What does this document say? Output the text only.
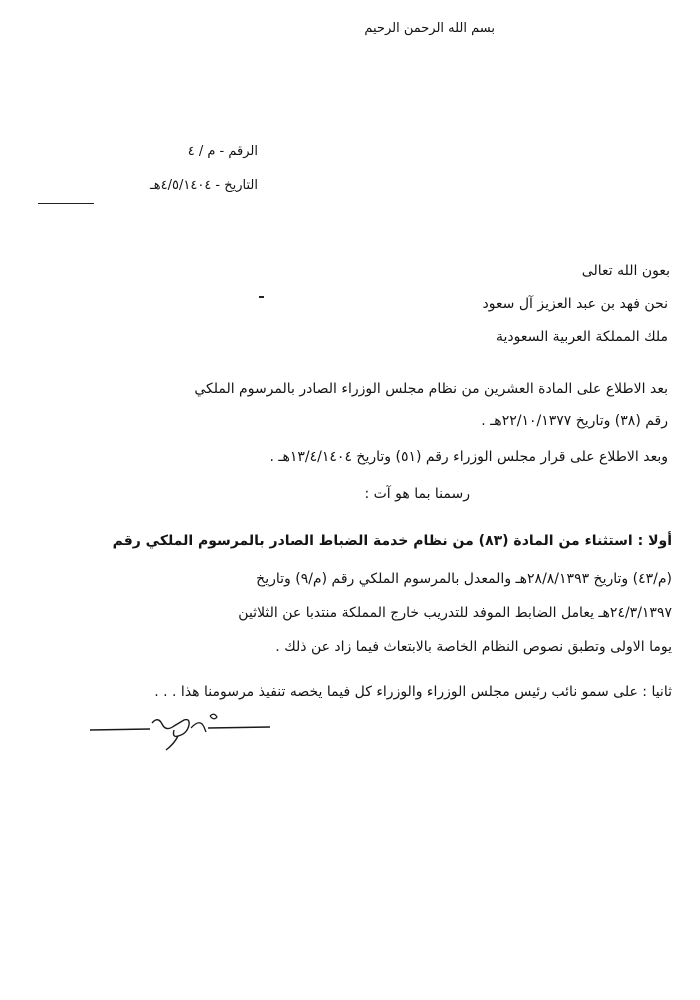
بسم الله الرحمن الرحيم
الرقم - م / ٤
التاريخ - ٤/٥/١٤٠٤هـ
بعون الله تعالى
نحن فهد بن عبد العزيز آل سعود
ملك المملكة العربية السعودية
بعد الاطلاع على المادة العشرين من نظام مجلس الوزراء الصادر بالمرسوم الملكي
رقم (٣٨) وتاريخ ٢٢/١٠/١٣٧٧هـ .
وبعد الاطلاع على قرار مجلس الوزراء رقم (٥١) وتاريخ ١٣/٤/١٤٠٤هـ .
رسمنا بما هو آت :
أولا : استثناء من المادة (٨٣) من نظام خدمة الضباط الصادر بالمرسوم الملكي رقم
(م/٤٣) وتاريخ ٢٨/٨/١٣٩٣هـ والمعدل بالمرسوم الملكي رقم (م/٩) وتاريخ
٢٤/٣/١٣٩٧هـ يعامل الضابط الموفد للتدريب خارج المملكة منتدبا عن الثلاثين
يوما الاولى وتطبق نصوص النظام الخاصة بالابتعاث فيما زاد عن ذلك .
ثانيا : على سمو نائب رئيس مجلس الوزراء والوزراء كل فيما يخصه تنفيذ مرسومنا هذا . . .
